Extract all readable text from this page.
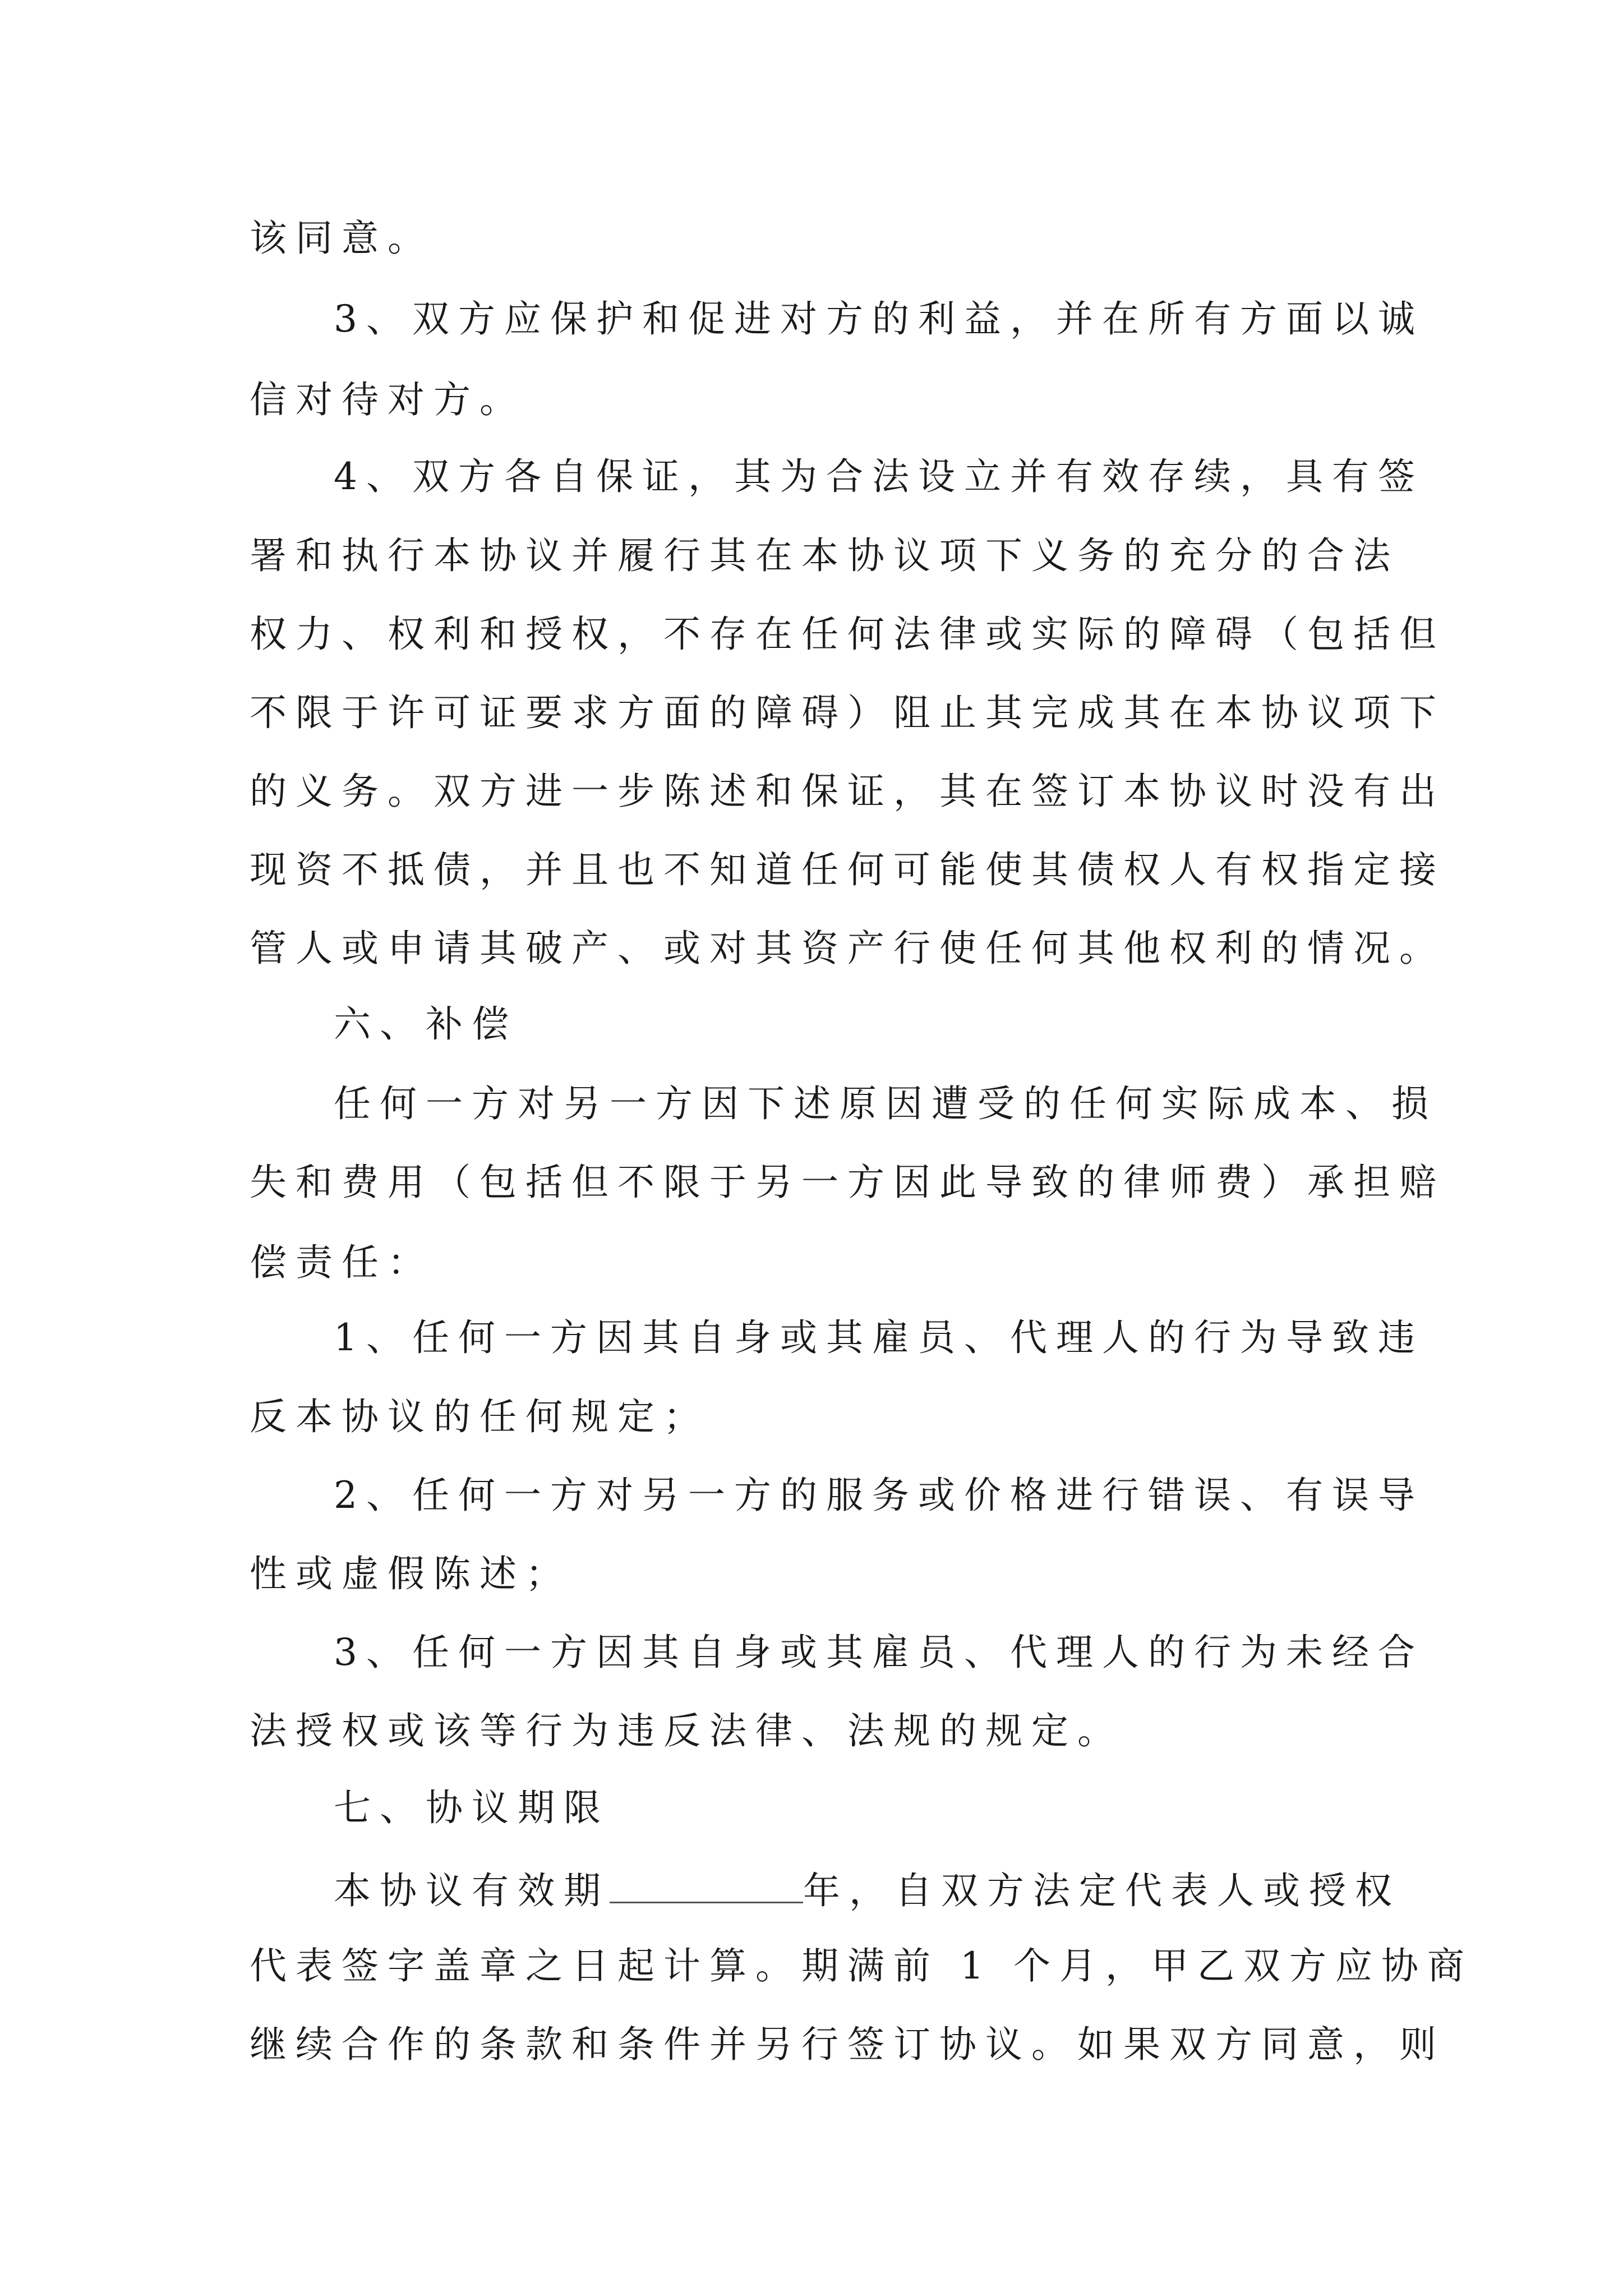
该同意。
3、双方应保护和促进对方的利益，并在所有方面以诚
信对待对方。
4、双方各自保证，其为合法设立并有效存续，具有签
署和执行本协议并履行其在本协议项下义务的充分的合法
权力、权利和授权，不存在任何法律或实际的障碍（包括但
不限于许可证要求方面的障碍）阻止其完成其在本协议项下
的义务。双方进一步陈述和保证，其在签订本协议时没有出
现资不抵债，并且也不知道任何可能使其债权人有权指定接
管人或申请其破产、或对其资产行使任何其他权利的情况。
六、补偿
任何一方对另一方因下述原因遭受的任何实际成本、损
失和费用（包括但不限于另一方因此导致的律师费）承担赔
偿责任：
1、任何一方因其自身或其雇员、代理人的行为导致违
反本协议的任何规定；
2、任何一方对另一方的服务或价格进行错误、有误导
性或虚假陈述；
3、任何一方因其自身或其雇员、代理人的行为未经合
法授权或该等行为违反法律、法规的规定。
七、协议期限
本协议有效期	年，自双方法定代表人或授权
代表签字盖章之日起计算。期满前 1 个月，甲乙双方应协商
继续合作的条款和条件并另行签订协议。如果双方同意，则
